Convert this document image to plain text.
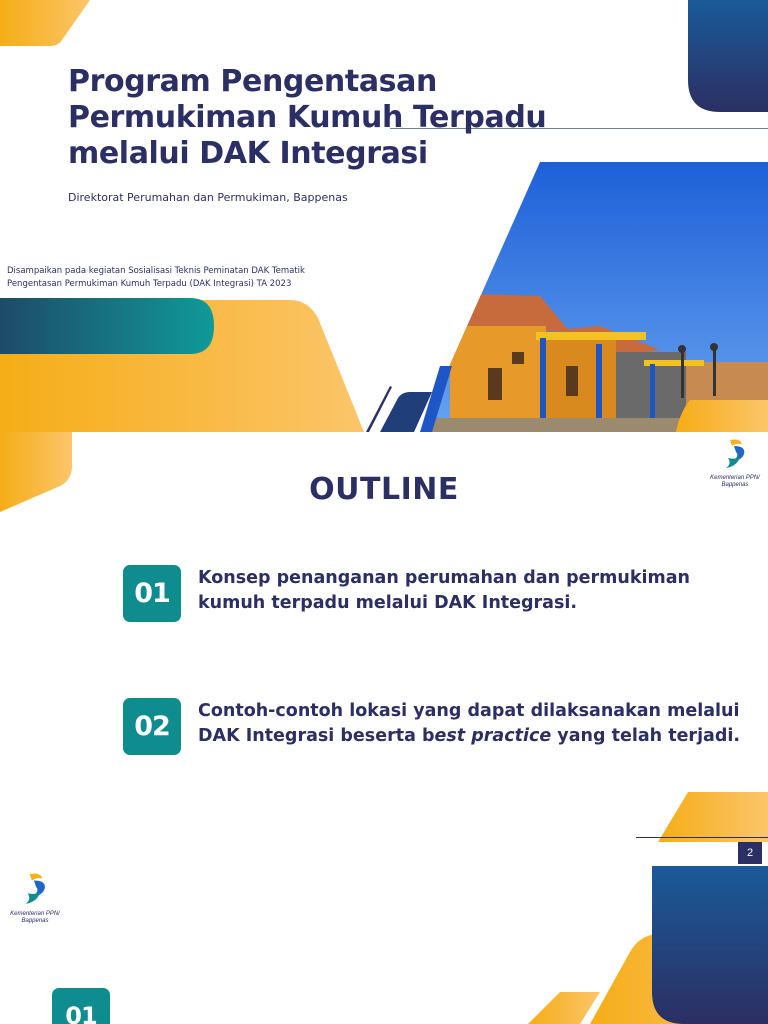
Program Pengentasan
Permukiman Kumuh Terpadu
melalui DAK Integrasi
Direktorat Perumahan dan Permukiman, Bappenas
Disampaikan pada kegiatan Sosialisasi Teknis Peminatan DAK Tematik
Pengentasan Permukiman Kumuh Terpadu (DAK Integrasi) TA 2023
Kementerian PPN/
Bappenas
OUTLINE
01	Konsep penanganan perumahan dan permukiman
kumuh terpadu melalui DAK Integrasi.
02	Contoh-contoh lokasi yang dapat dilaksanakan melalui
DAK Integrasi beserta best practice yang telah terjadi.
2
Kementerian PPN/
Bappenas
01
